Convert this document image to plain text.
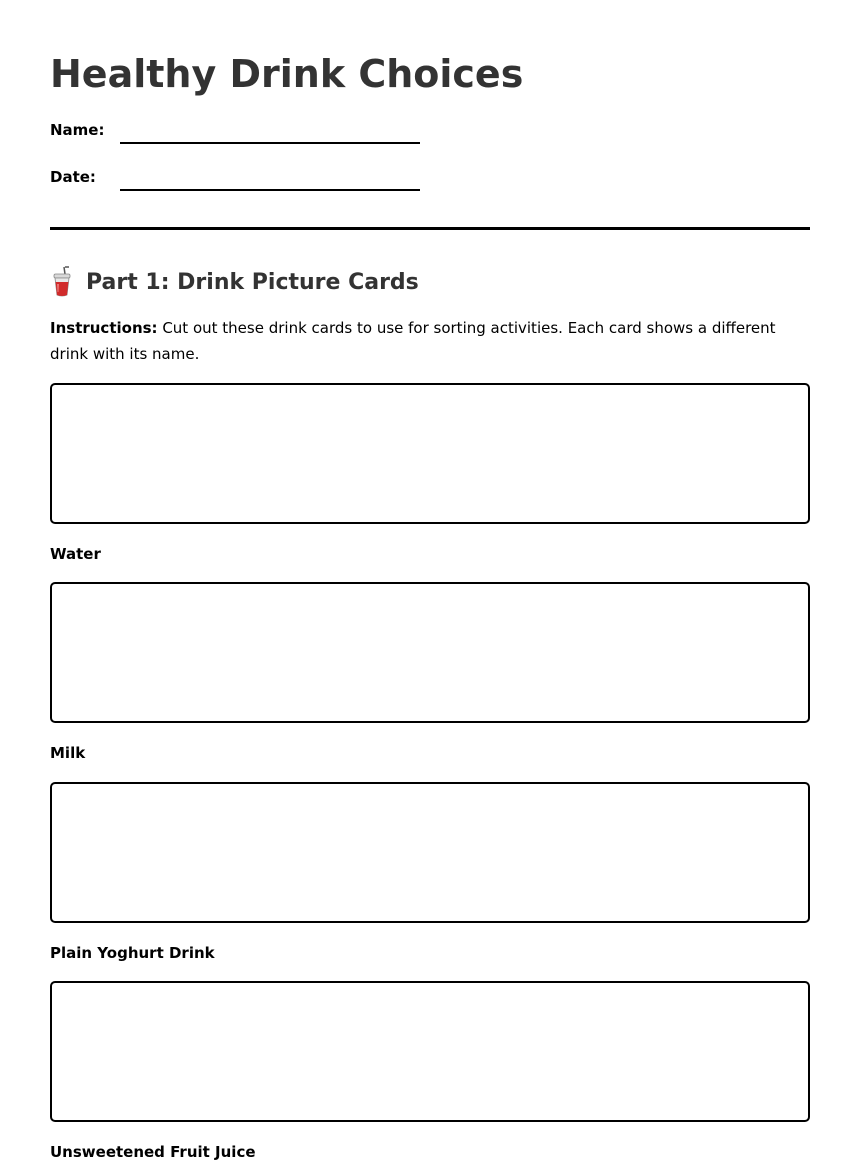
Healthy Drink Choices
Name:
Date:
Part 1: Drink Picture Cards

Instructions: Cut out these drink cards to use for sorting activities. Each card shows a different drink with its name.

Water
Milk
Plain Yoghurt Drink
Unsweetened Fruit Juice
